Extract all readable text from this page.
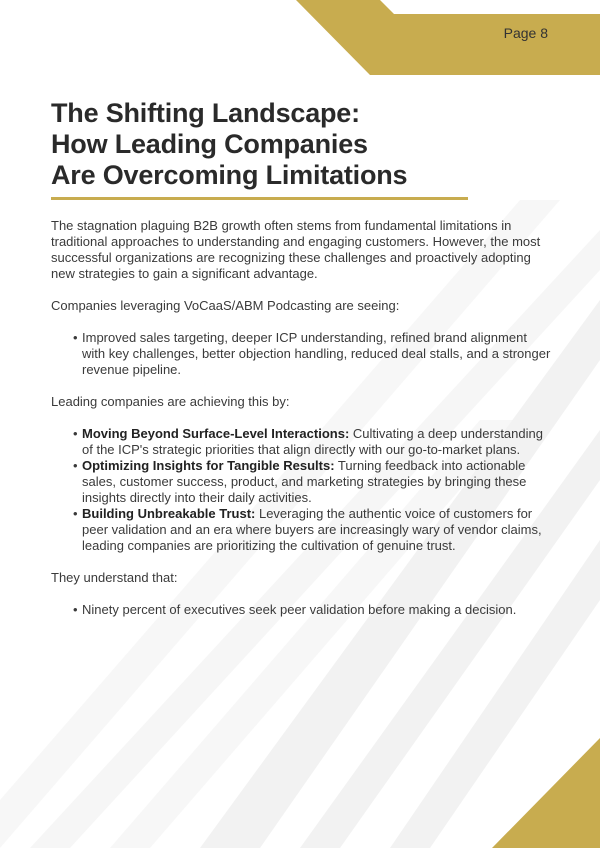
Page 8
The Shifting Landscape:
How Leading Companies
Are Overcoming Limitations

The stagnation plaguing B2B growth often stems from fundamental limitations in traditional approaches to understanding and engaging customers. However, the most successful organizations are recognizing these challenges and proactively adopting new strategies to gain a significant advantage.

Companies leveraging VoCaaS/ABM Podcasting are seeing:

• Improved sales targeting, deeper ICP understanding, refined brand alignment with key challenges, better objection handling, reduced deal stalls, and a stronger revenue pipeline.

Leading companies are achieving this by:

• Moving Beyond Surface-Level Interactions: Cultivating a deep understanding of the ICP's strategic priorities that align directly with our go-to-market plans.
• Optimizing Insights for Tangible Results: Turning feedback into actionable sales, customer success, product, and marketing strategies by bringing these insights directly into their daily activities.
• Building Unbreakable Trust: Leveraging the authentic voice of customers for peer validation and an era where buyers are increasingly wary of vendor claims, leading companies are prioritizing the cultivation of genuine trust.

They understand that:

• Ninety percent of executives seek peer validation before making a decision.
